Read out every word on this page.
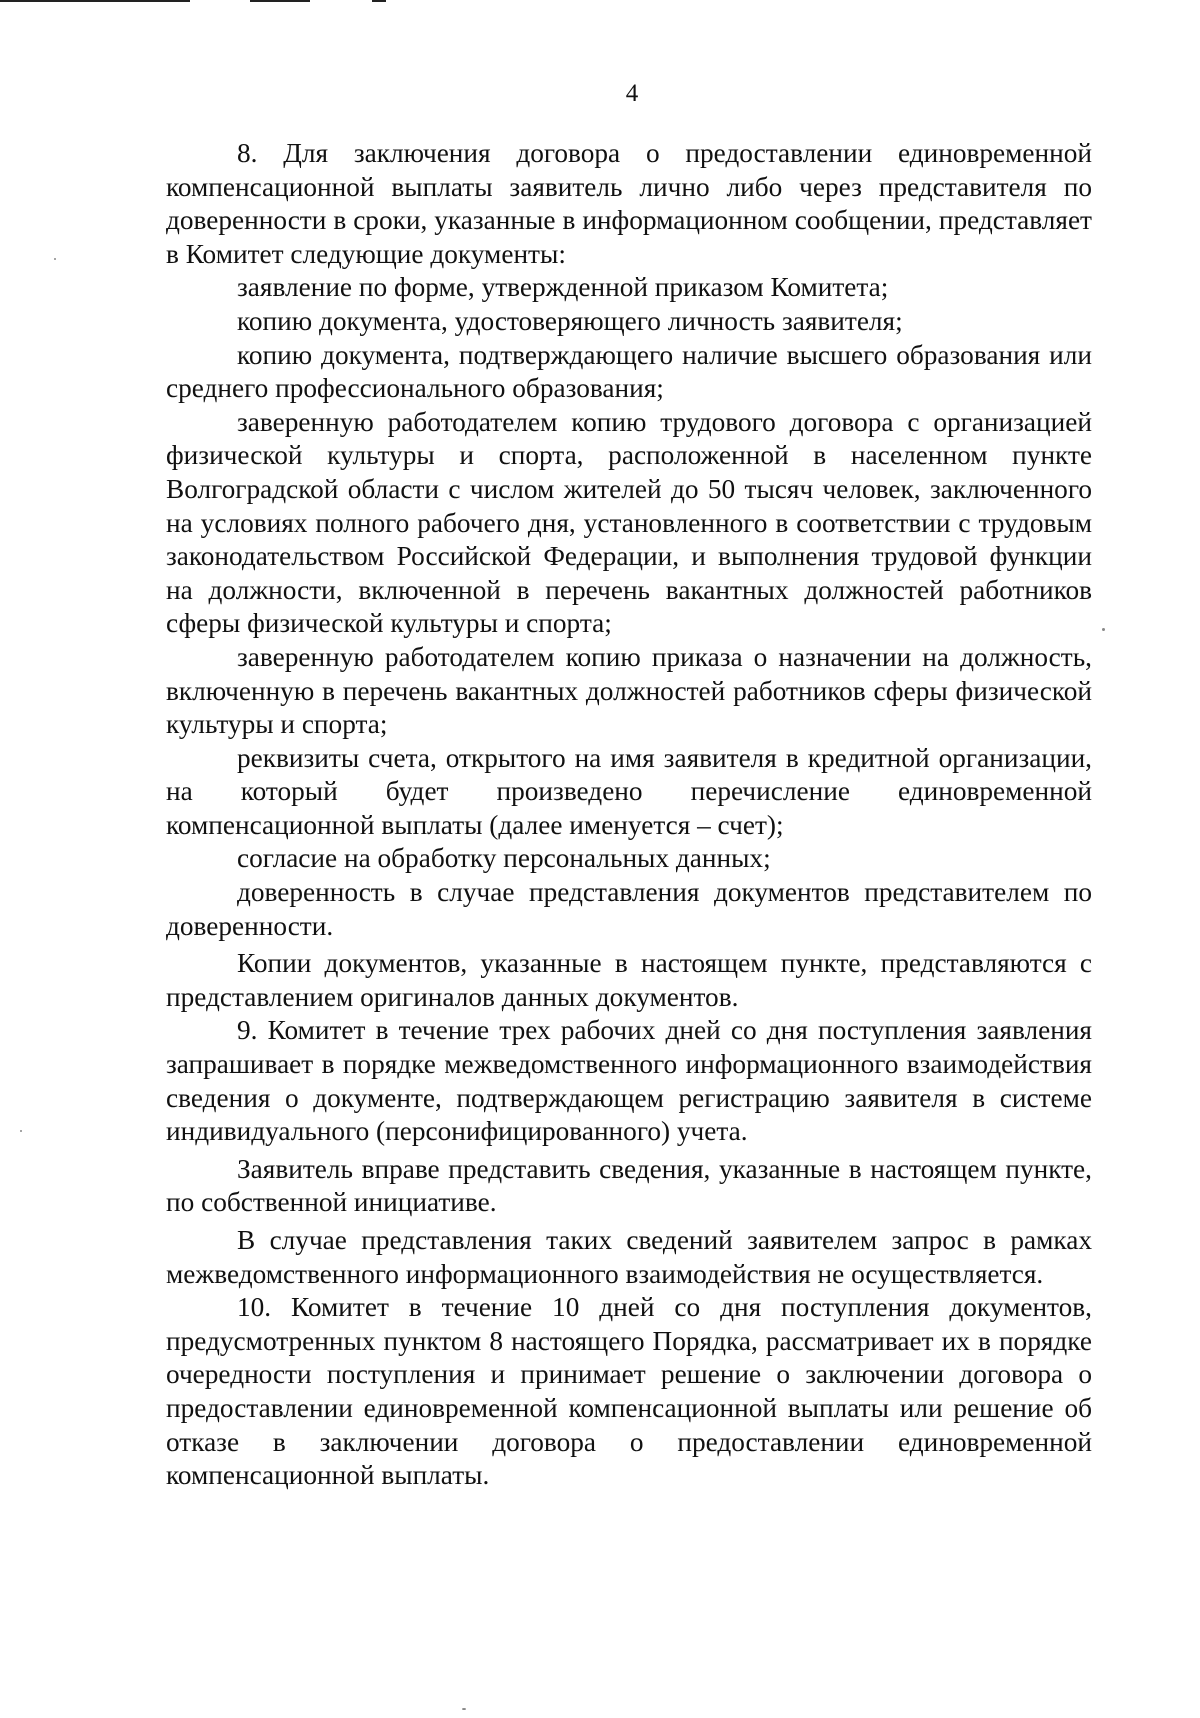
4

8. Для заключения договора о предоставлении единовременной компенсационной выплаты заявитель лично либо через представителя по доверенности в сроки, указанные в информационном сообщении, представляет в Комитет следующие документы:

заявление по форме, утвержденной приказом Комитета;

копию документа, удостоверяющего личность заявителя;

копию документа, подтверждающего наличие высшего образования или среднего профессионального образования;

заверенную работодателем копию трудового договора с организацией физической культуры и спорта, расположенной в населенном пункте Волгоградской области с числом жителей до 50 тысяч человек, заключенного на условиях полного рабочего дня, установленного в соответствии с трудовым законодательством Российской Федерации, и выполнения трудовой функции на должности, включенной в перечень вакантных должностей работников сферы физической культуры и спорта;

заверенную работодателем копию приказа о назначении на должность, включенную в перечень вакантных должностей работников сферы физической культуры и спорта;

реквизиты счета, открытого на имя заявителя в кредитной организации, на который будет произведено перечисление единовременной компенсационной выплаты (далее именуется – счет);

согласие на обработку персональных данных;

доверенность в случае представления документов представителем по доверенности.

Копии документов, указанные в настоящем пункте, представляются с представлением оригиналов данных документов.

9. Комитет в течение трех рабочих дней со дня поступления заявления запрашивает в порядке межведомственного информационного взаимодействия сведения о документе, подтверждающем регистрацию заявителя в системе индивидуального (персонифицированного) учета.

Заявитель вправе представить сведения, указанные в настоящем пункте, по собственной инициативе.

В случае представления таких сведений заявителем запрос в рамках межведомственного информационного взаимодействия не осуществляется.

10. Комитет в течение 10 дней со дня поступления документов, предусмотренных пунктом 8 настоящего Порядка, рассматривает их в порядке очередности поступления и принимает решение о заключении договора о предоставлении единовременной компенсационной выплаты или решение об отказе в заключении договора о предоставлении единовременной компенсационной выплаты.
